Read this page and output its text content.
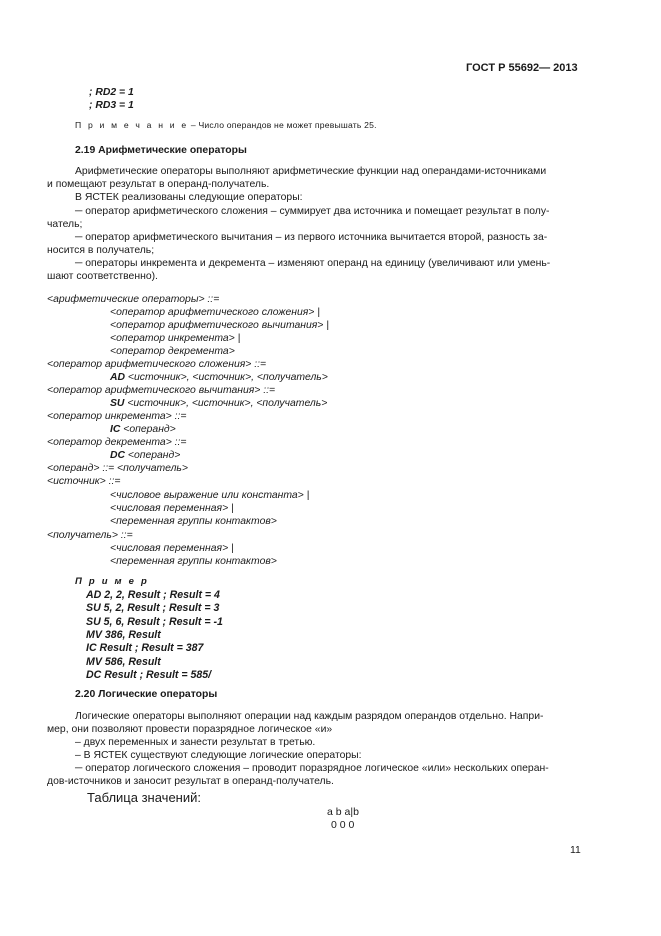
ГОСТ Р 55692— 2013
; RD2 = 1
; RD3 = 1
П р и м е ч а н и е – Число операндов не может превышать 25.
2.19 Арифметические операторы
Арифметические операторы выполняют арифметические функции над операндами-источниками
и помещают результат в операнд-получатель.
В ЯСТЕК реализованы следующие операторы:
─ оператор арифметического сложения – суммирует два источника и помещает результат в полу-
чатель;
─ оператор арифметического вычитания – из первого источника вычитается второй, разность за-
носится в получатель;
─ операторы инкремента и декремента – изменяют операнд на единицу (увеличивают или умень-
шают соответственно).
<арифметические операторы> ::=
<оператор арифметического сложения> |
<оператор арифметического вычитания> |
<оператор инкремента> |
<оператор декремента>
<оператор арифметического сложения> ::=
AD <источник>, <источник>, <получатель>
<оператор арифметического вычитания> ::=
SU <источник>, <источник>, <получатель>
<оператор инкремента> ::=
IC <операнд>
<оператор декремента> ::=
DC <операнд>
<операнд> ::= <получатель>
<источник> ::=
<числовое выражение или константа> |
<числовая переменная> |
<переменная группы контактов>
<получатель> ::=
<числовая переменная> |
<переменная группы контактов>
П р и м е р
AD 2, 2, Result ; Result = 4
SU 5, 2, Result ; Result = 3
SU 5, 6, Result ; Result = -1
MV 386, Result
IC Result ; Result = 387
MV 586, Result
DC Result ; Result = 585/
2.20 Логические операторы
Логические операторы выполняют операции над каждым разрядом операндов отдельно. Напри-
мер, они позволяют провести поразрядное логическое «и»
– двух переменных и занести результат в третью.
– В ЯСТЕК существуют следующие логические операторы:
─ оператор логического сложения – проводит поразрядное логическое «или» нескольких операн-
дов-источников и заносит результат в операнд-получатель.
Таблица значений:
a b a|b
0 0 0
11
